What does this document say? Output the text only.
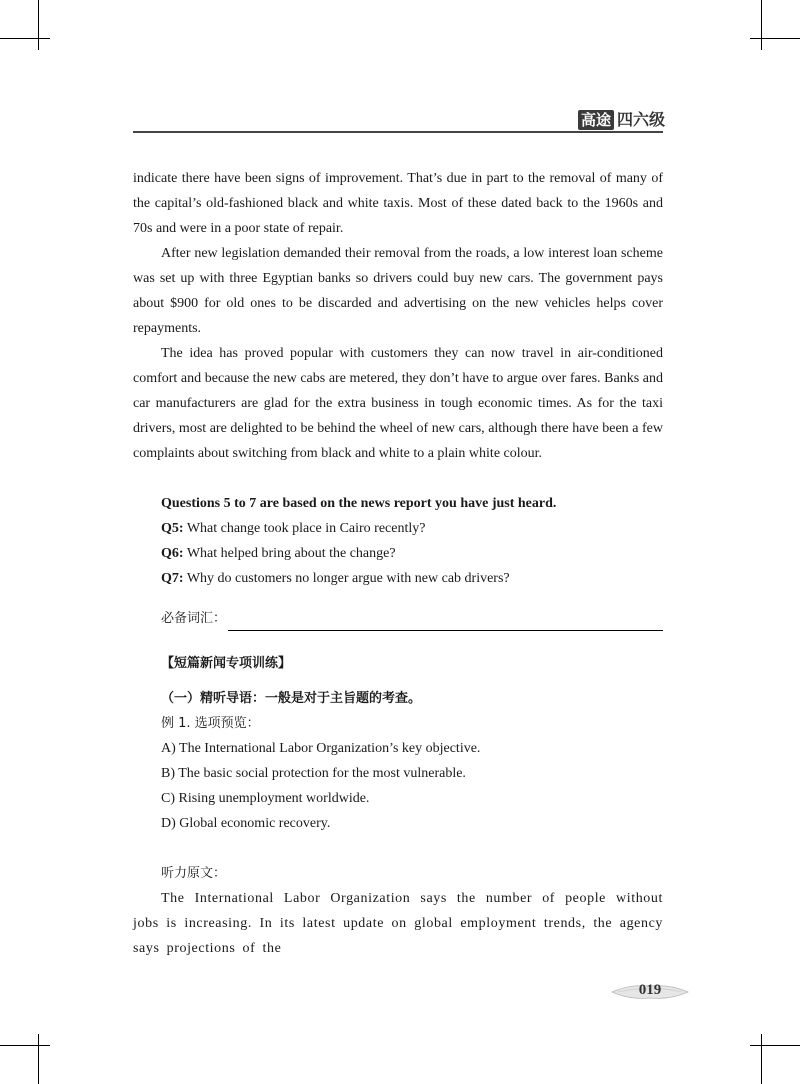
高途 四六级

indicate there have been signs of improvement. That’s due in part to the removal of many of the capital’s old-fashioned black and white taxis. Most of these dated back to the 1960s and 70s and were in a poor state of repair.

After new legislation demanded their removal from the roads, a low interest loan scheme was set up with three Egyptian banks so drivers could buy new cars. The government pays about $900 for old ones to be discarded and advertising on the new vehicles helps cover repayments.

The idea has proved popular with customers they can now travel in air-conditioned comfort and because the new cabs are metered, they don’t have to argue over fares. Banks and car manufacturers are glad for the extra business in tough economic times. As for the taxi drivers, most are delighted to be behind the wheel of new cars, although there have been a few complaints about switching from black and white to a plain white colour.

Questions 5 to 7 are based on the news report you have just heard.

Q5: What change took place in Cairo recently?

Q6: What helped bring about the change?

Q7: Why do customers no longer argue with new cab drivers?

必备词汇：
【短篇新闻专项训练】
（一）精听导语：一般是对于主旨题的考查。
例 1. 选项预览：
A) The International Labor Organization’s key objective.
B) The basic social protection for the most vulnerable.
C) Rising unemployment worldwide.
D) Global economic recovery.
听力原文：

The International Labor Organization says the number of people without jobs is increasing. In its latest update on global employment trends, the agency says projections of the

019
